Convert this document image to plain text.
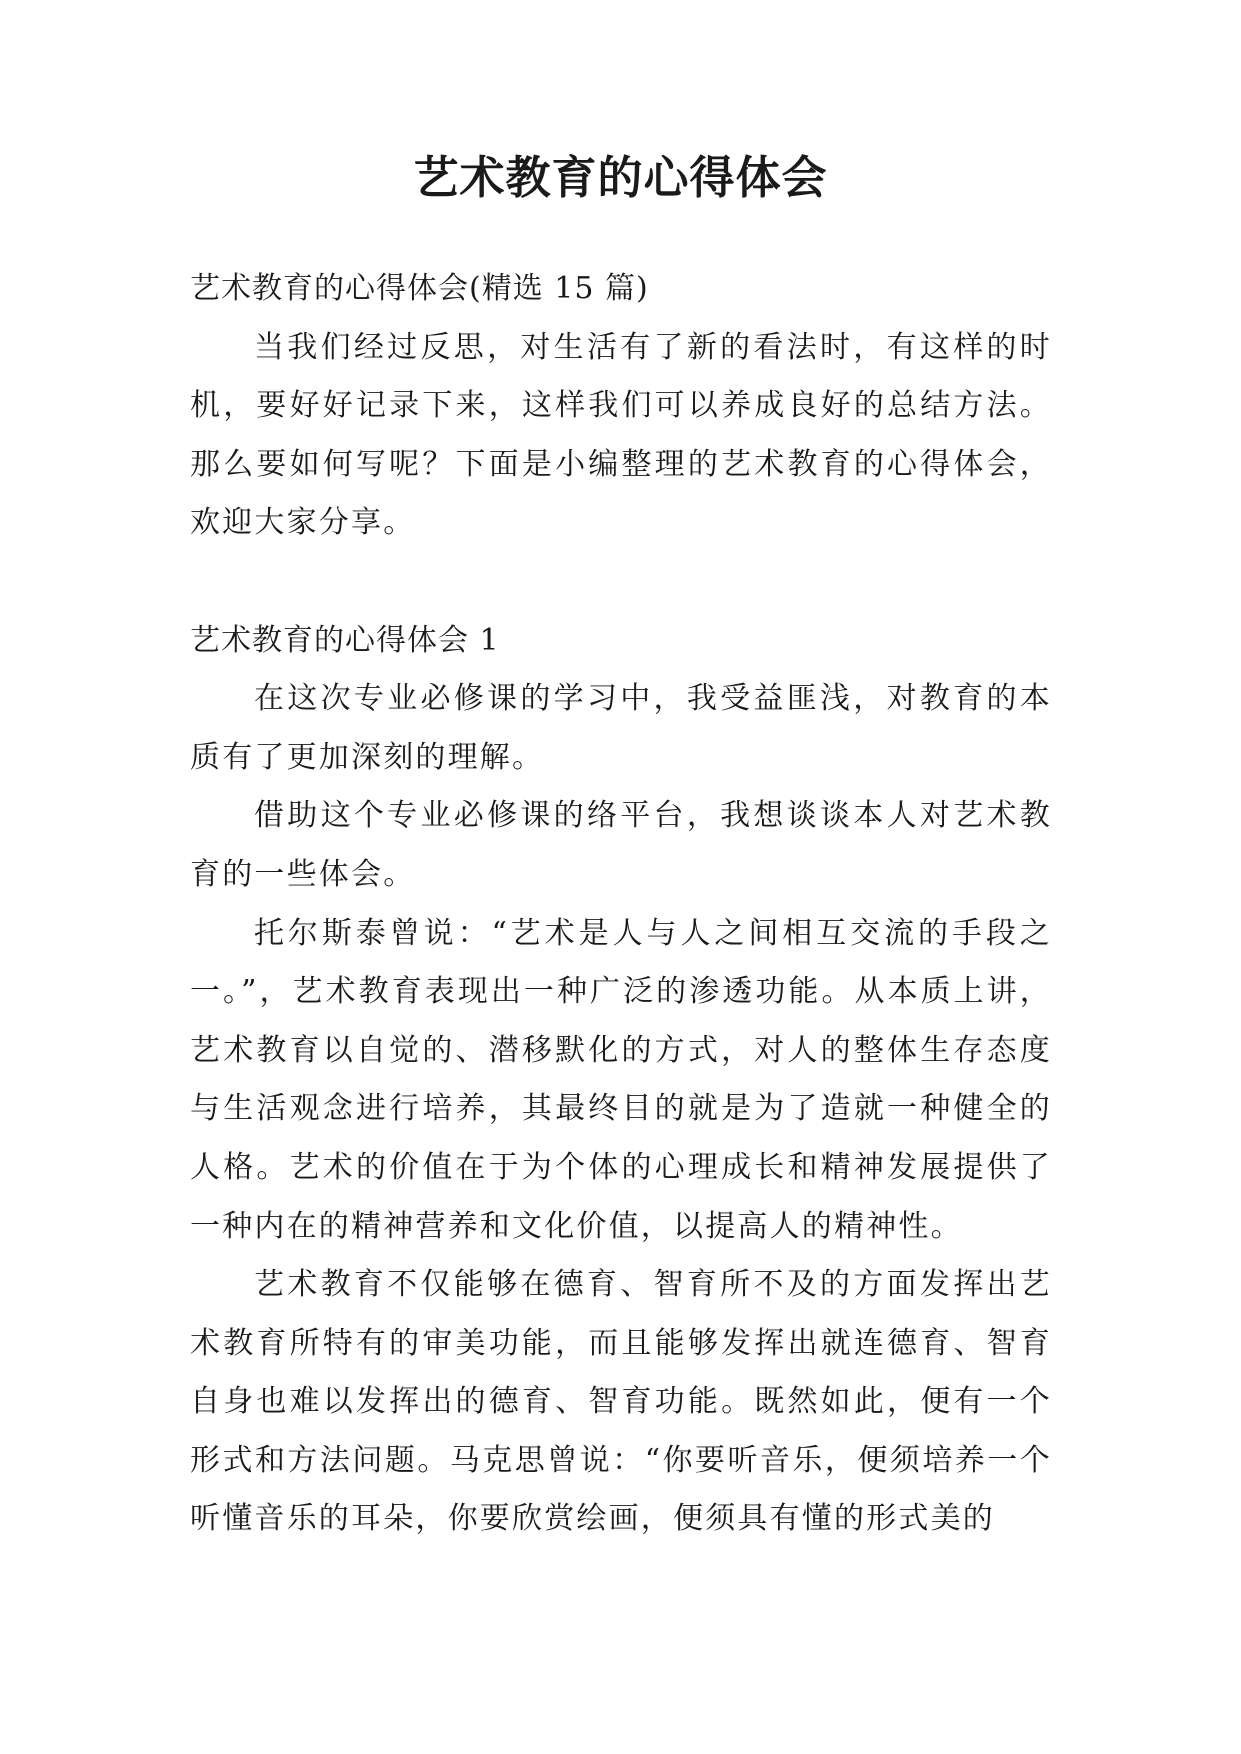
艺术教育的心得体会

艺术教育的心得体会(精选 15 篇)

当我们经过反思，对生活有了新的看法时，有这样的时机，要好好记录下来，这样我们可以养成良好的总结方法。那么要如何写呢？下面是小编整理的艺术教育的心得体会，欢迎大家分享。

艺术教育的心得体会 1

在这次专业必修课的学习中，我受益匪浅，对教育的本质有了更加深刻的理解。

借助这个专业必修课的络平台，我想谈谈本人对艺术教育的一些体会。

托尔斯泰曾说：“艺术是人与人之间相互交流的手段之一。”，艺术教育表现出一种广泛的渗透功能。从本质上讲，艺术教育以自觉的、潜移默化的方式，对人的整体生存态度与生活观念进行培养，其最终目的就是为了造就一种健全的人格。艺术的价值在于为个体的心理成长和精神发展提供了一种内在的精神营养和文化价值，以提高人的精神性。

艺术教育不仅能够在德育、智育所不及的方面发挥出艺术教育所特有的审美功能，而且能够发挥出就连德育、智育自身也难以发挥出的德育、智育功能。既然如此，便有一个形式和方法问题。马克思曾说：“你要听音乐，便须培养一个听懂音乐的耳朵，你要欣赏绘画，便须具有懂的形式美的
